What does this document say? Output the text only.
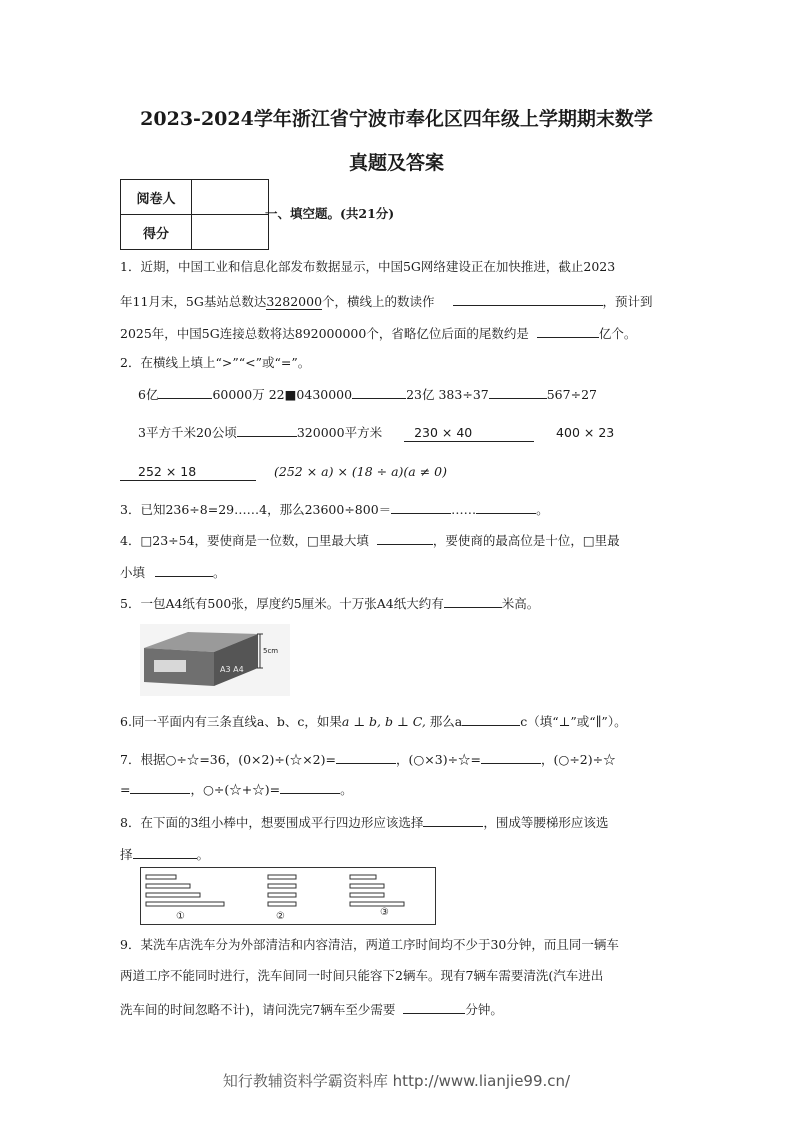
2023-2024学年浙江省宁波市奉化区四年级上学期期末数学
真题及答案
阅卷人	
得分	
一、填空题。(共21分)
1．近期，中国工业和信息化部发布数据显示，中国5G网络建设正在加快推进，截止2023
年11月末，5G基站总数达3282000个，横线上的数读作	，预计到
2025年，中国5G连接总数将达892000000个，省略亿位后面的尾数约是	亿个。
2．在横线上填上“>”“<”或“=”。
6亿	60000万 22■0430000	23亿 383÷37	567÷27
3平方千米20公顷	320000平方米	230 × 40	400 × 23
252 × 18	(252 × a) × (18 ÷ a)(a ≠ 0)
3．已知236÷8=29……4，那么23600÷800＝	……	。
4．□23÷54，要使商是一位数，□里最大填	，要使商的最高位是十位，□里最
小填	。
5．一包A4纸有500张，厚度约5厘米。十万张A4纸大约有	米高。
A3 A4
5cm
6.同一平面内有三条直线a、b、c，如果a ⊥ b, b ⊥ C, 那么a	c（填“⊥”或“∥”）。
7．根据○÷☆=36，(0×2)÷(☆×2)=	，(○×3)÷☆=	，(○÷2)÷☆
=	，○÷(☆+☆)=	。
8．在下面的3组小棒中，想要围成平行四边形应该选择	，围成等腰梯形应该选
择	。
①	②	③
9．某洗车店洗车分为外部清洁和内容清洁，两道工序时间均不少于30分钟，而且同一辆车
两道工序不能同时进行，洗车间同一时间只能容下2辆车。现有7辆车需要清洗(汽车进出
洗车间的时间忽略不计)，请问洗完7辆车至少需要	分钟。
知行教辅资料学霸资料库 http://www.lianjie99.cn/
